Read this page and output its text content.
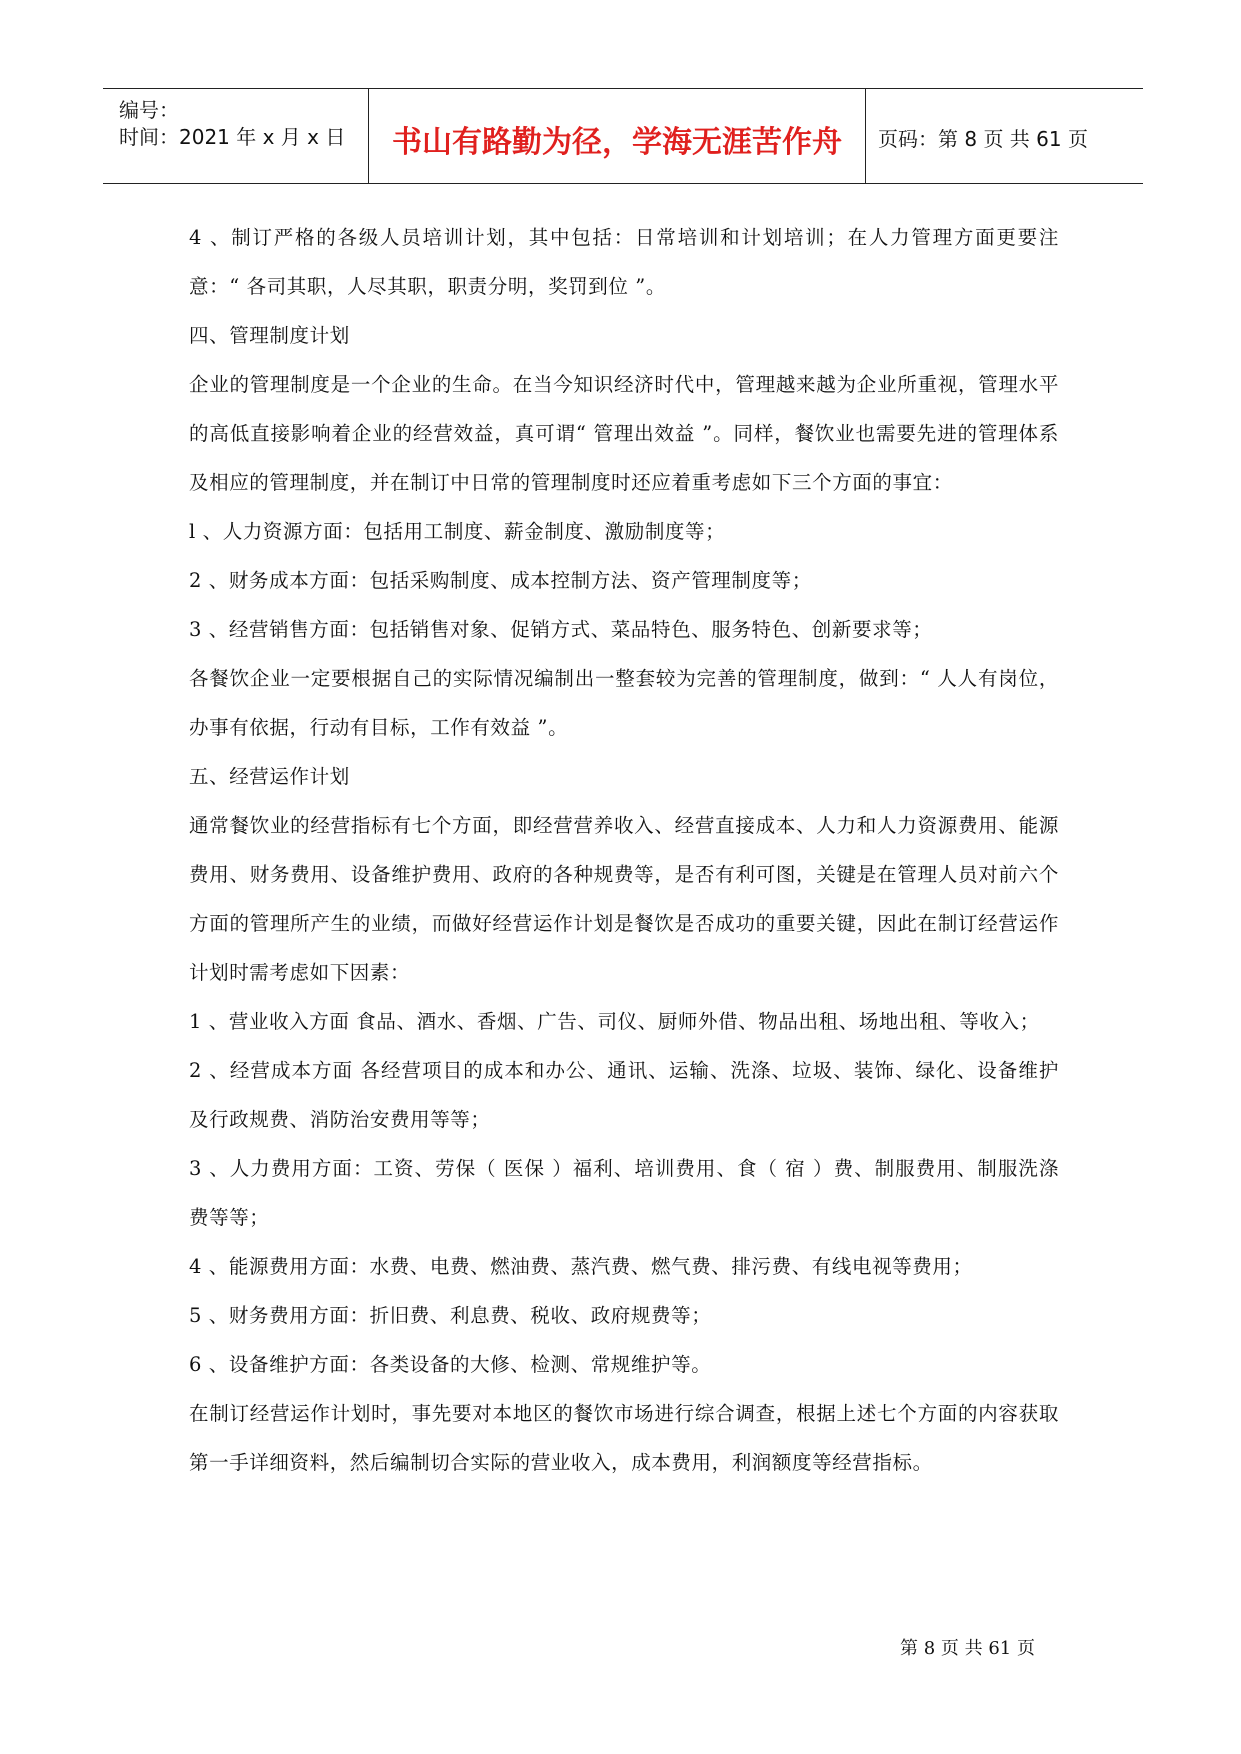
编号：
时间：2021 年 x 月 x 日	书山有路勤为径，学海无涯苦作舟	页码：第 8 页 共 61 页

4 、制订严格的各级人员培训计划，其中包括：日常培训和计划培训；在人力管理方面更要注意：“ 各司其职，人尽其职，职责分明，奖罚到位 ”。

四、管理制度计划

企业的管理制度是一个企业的生命。在当今知识经济时代中，管理越来越为企业所重视，管理水平的高低直接影响着企业的经营效益，真可谓“ 管理出效益 ”。同样，餐饮业也需要先进的管理体系及相应的管理制度，并在制订中日常的管理制度时还应着重考虑如下三个方面的事宜：

l 、人力资源方面：包括用工制度、薪金制度、激励制度等；

2 、财务成本方面：包括采购制度、成本控制方法、资产管理制度等；

3 、经营销售方面：包括销售对象、促销方式、菜品特色、服务特色、创新要求等；

各餐饮企业一定要根据自己的实际情况编制出一整套较为完善的管理制度，做到：“ 人人有岗位，办事有依据，行动有目标，工作有效益 ”。

五、经营运作计划

通常餐饮业的经营指标有七个方面，即经营营养收入、经营直接成本、人力和人力资源费用、能源费用、财务费用、设备维护费用、政府的各种规费等，是否有利可图，关键是在管理人员对前六个方面的管理所产生的业绩，而做好经营运作计划是餐饮是否成功的重要关键，因此在制订经营运作计划时需考虑如下因素：

1 、营业收入方面 食品、酒水、香烟、广告、司仪、厨师外借、物品出租、场地出租、等收入；

2 、经营成本方面 各经营项目的成本和办公、通讯、运输、洗涤、垃圾、装饰、绿化、设备维护及行政规费、消防治安费用等等；

3 、人力费用方面：工资、劳保（ 医保 ）福利、培训费用、食（ 宿 ）费、制服费用、制服洗涤费等等；

4 、能源费用方面：水费、电费、燃油费、蒸汽费、燃气费、排污费、有线电视等费用；

5 、财务费用方面：折旧费、利息费、税收、政府规费等；

6 、设备维护方面：各类设备的大修、检测、常规维护等。

在制订经营运作计划时，事先要对本地区的餐饮市场进行综合调查，根据上述七个方面的内容获取第一手详细资料，然后编制切合实际的营业收入，成本费用，利润额度等经营指标。

第 8 页 共 61 页
